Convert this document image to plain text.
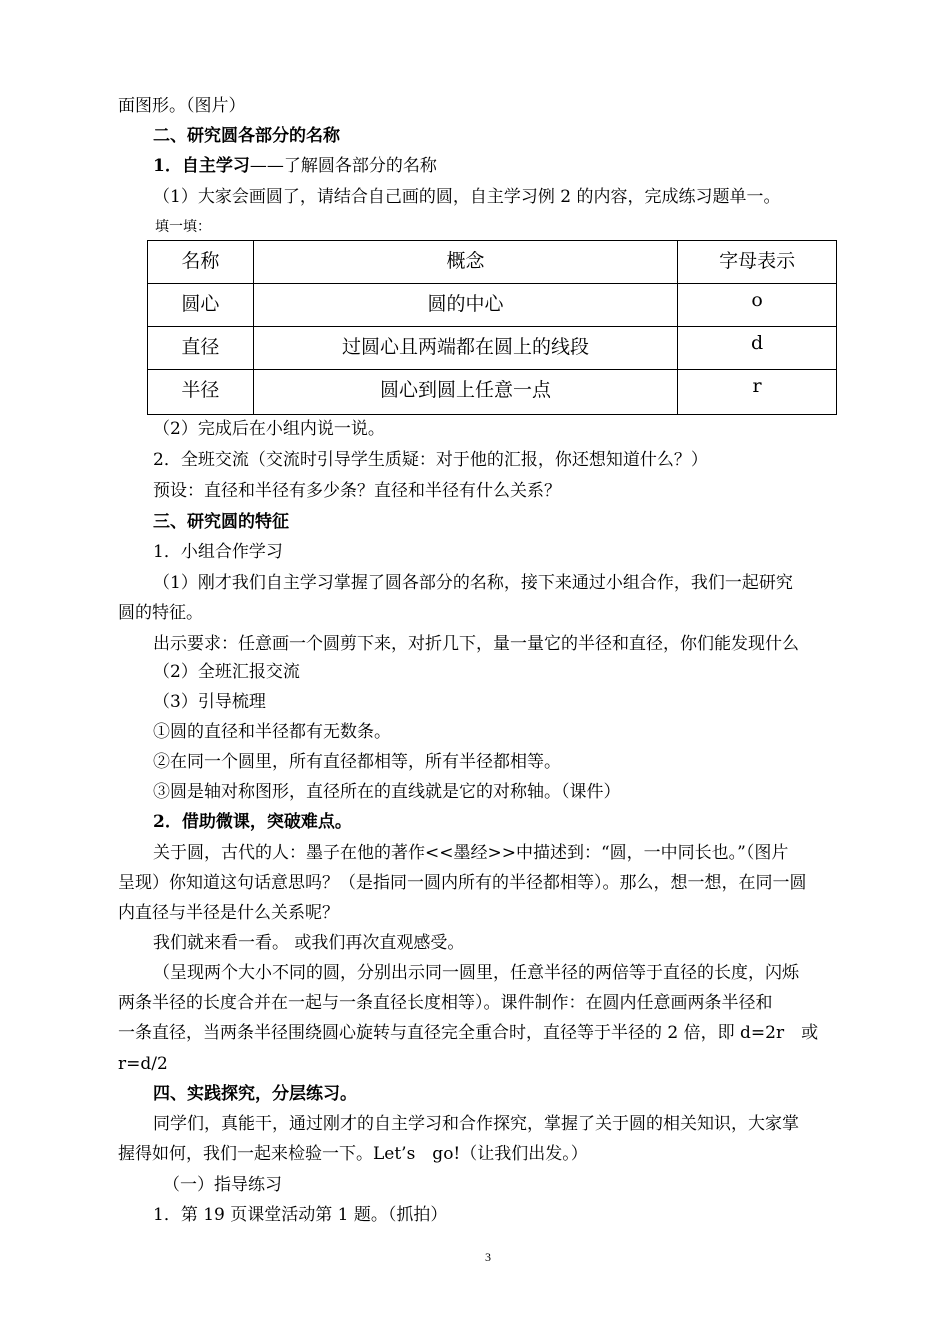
面图形。（图片）
二、研究圆各部分的名称
1．自主学习——了解圆各部分的名称
（1）大家会画圆了，请结合自己画的圆，自主学习例 2 的内容，完成练习题单一。
填一填：
名称	概念	字母表示
圆心	圆的中心	o
直径	过圆心且两端都在圆上的线段	d
半径	圆心到圆上任意一点	r
（2）完成后在小组内说一说。
2．全班交流（交流时引导学生质疑：对于他的汇报，你还想知道什么？）
预设：直径和半径有多少条？直径和半径有什么关系？
三、研究圆的特征
1．小组合作学习
（1）刚才我们自主学习掌握了圆各部分的名称，接下来通过小组合作，我们一起研究
圆的特征。
出示要求：任意画一个圆剪下来，对折几下，量一量它的半径和直径，你们能发现什么
（2）全班汇报交流
（3）引导梳理
①圆的直径和半径都有无数条。
②在同一个圆里，所有直径都相等，所有半径都相等。
③圆是轴对称图形，直径所在的直线就是它的对称轴。（课件）
2．借助微课，突破难点。
关于圆，古代的人：墨子在他的著作<<墨经>>中描述到：“圆，一中同长也。”（图片
呈现）你知道这句话意思吗？（是指同一圆内所有的半径都相等）。那么，想一想，在同一圆
内直径与半径是什么关系呢？
我们就来看一看。 或我们再次直观感受。
（呈现两个大小不同的圆，分别出示同一圆里，任意半径的两倍等于直径的长度，闪烁
两条半径的长度合并在一起与一条直径长度相等）。课件制作：在圆内任意画两条半径和
一条直径，当两条半径围绕圆心旋转与直径完全重合时，直径等于半径的 2 倍，即 d=2r　或
r=d/2
四、实践探究，分层练习。
同学们，真能干，通过刚才的自主学习和合作探究，掌握了关于圆的相关知识，大家掌
握得如何，我们一起来检验一下。Let’s　go!（让我们出发。）
（一）指导练习
1．第 19 页课堂活动第 1 题。（抓拍）
3
